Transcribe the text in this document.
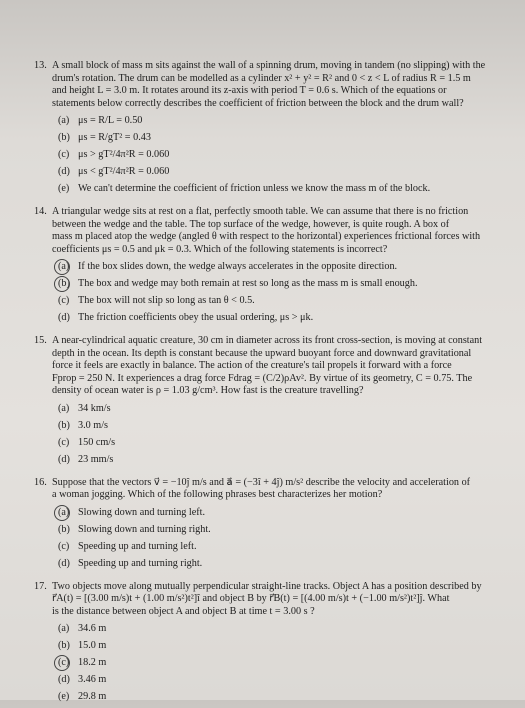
13. A small block of mass m sits against the wall of a spinning drum, moving in tandem (no slipping) with the
drum's rotation. The drum can be modelled as a cylinder x² + y² = R² and 0 < z < L of radius R = 1.5 m
and height L = 3.0 m. It rotates around its z-axis with period T = 0.6 s. Which of the equations or
statements below correctly describes the coefficient of friction between the block and the drum wall?
(a) μs = R/L = 0.50
(b) μs = R/gT² = 0.43
(c) μs > gT²/4π²R = 0.060
(d) μs < gT²/4π²R = 0.060
(e) We can't determine the coefficient of friction unless we know the mass m of the block.
14. A triangular wedge sits at rest on a flat, perfectly smooth table. We can assume that there is no friction
between the wedge and the table. The top surface of the wedge, however, is quite rough. A box of
mass m placed atop the wedge (angled θ with respect to the horizontal) experiences frictional forces with
coefficients μs = 0.5 and μk = 0.3. Which of the following statements is incorrect?
(a) If the box slides down, the wedge always accelerates in the opposite direction.
(b) The box and wedge may both remain at rest so long as the mass m is small enough.
(c) The box will not slip so long as tan θ < 0.5.
(d) The friction coefficients obey the usual ordering, μs > μk.
15. A near-cylindrical aquatic creature, 30 cm in diameter across its front cross-section, is moving at constant
depth in the ocean. Its depth is constant because the upward buoyant force and downward gravitational
force it feels are exactly in balance. The action of the creature's tail propels it forward with a force
Fprop = 250 N. It experiences a drag force Fdrag = (C/2)ρAv². By virtue of its geometry, C = 0.75. The
density of ocean water is ρ = 1.03 g/cm³. How fast is the creature travelling?
(a) 34 km/s
(b) 3.0 m/s
(c) 150 cm/s
(d) 23 mm/s
16. Suppose that the vectors v⃗ = −10ĵ m/s and a⃗ = (−3î + 4ĵ) m/s² describe the velocity and acceleration of
a woman jogging. Which of the following phrases best characterizes her motion?
(a) Slowing down and turning left.
(b) Slowing down and turning right.
(c) Speeding up and turning left.
(d) Speeding up and turning right.
17. Two objects move along mutually perpendicular straight-line tracks. Object A has a position described by
r⃗A(t) = [(3.00 m/s)t + (1.00 m/s²)t²]î and object B by r⃗B(t) = [(4.00 m/s)t + (−1.00 m/s²)t²]ĵ. What
is the distance between object A and object B at time t = 3.00 s ?
(a) 34.6 m
(b) 15.0 m
(c) 18.2 m
(d) 3.46 m
(e) 29.8 m
